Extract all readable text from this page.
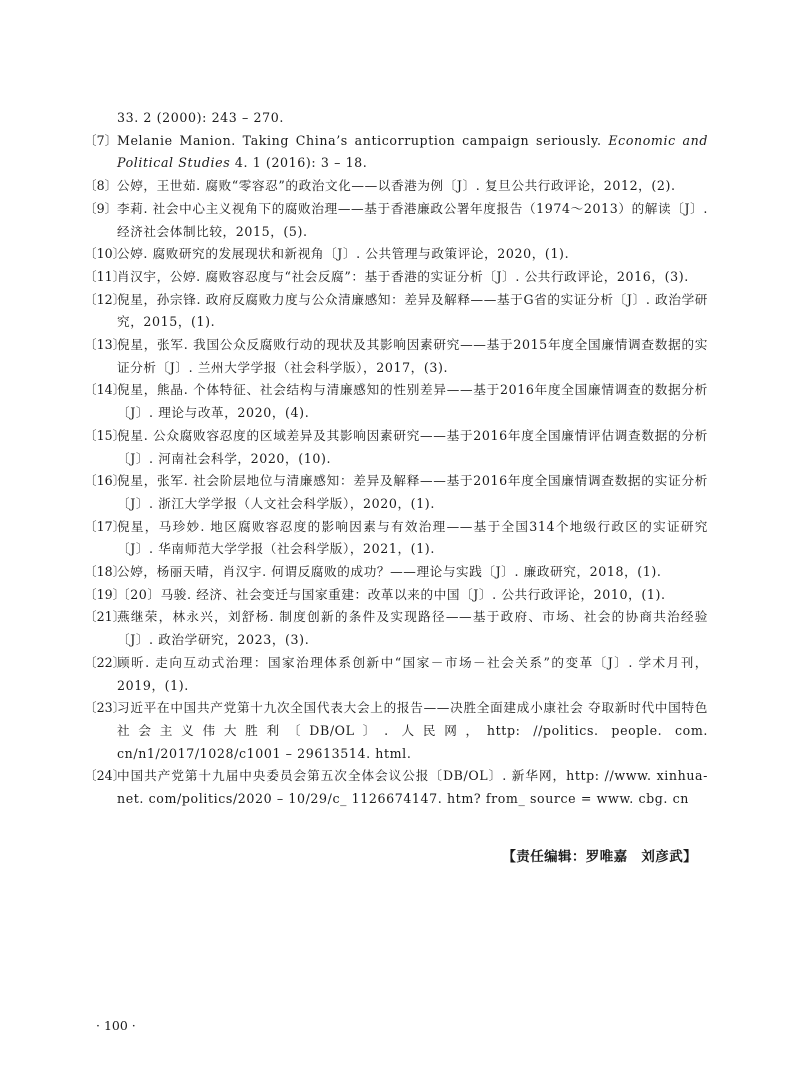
33. 2 (2000): 243 – 270.
〔7〕 Melanie Manion. Taking China’s anticorruption campaign seriously. Economic and Political Studies 4. 1 (2016): 3 – 18.
〔8〕 公婷，王世茹. 腐败“零容忍”的政治文化——以香港为例〔J〕. 复旦公共行政评论，2012，(2).
〔9〕 李莉. 社会中心主义视角下的腐败治理——基于香港廉政公署年度报告（1974～2013）的解读〔J〕. 经济社会体制比较，2015，(5).
〔10〕
公婷. 腐败研究的发展现状和新视角〔J〕. 公共管理与政策评论，2020，(1).
〔11〕
肖汉宇，公婷. 腐败容忍度与“社会反腐”：基于香港的实证分析〔J〕. 公共行政评论，2016，(3).
〔12〕
倪星，孙宗锋. 政府反腐败力度与公众清廉感知：差异及解释——基于G省的实证分析〔J〕. 政治学研究，2015，(1).
〔13〕
倪星，张军. 我国公众反腐败行动的现状及其影响因素研究——基于2015年度全国廉情调查数据的实证分析〔J〕. 兰州大学学报（社会科学版），2017，(3).
〔14〕
倪星，熊晶. 个体特征、社会结构与清廉感知的性别差异——基于2016年度全国廉情调查的数据分析〔J〕. 理论与改革，2020，(4).
〔15〕
倪星. 公众腐败容忍度的区域差异及其影响因素研究——基于2016年度全国廉情评估调查数据的分析〔J〕. 河南社会科学，2020，(10).
〔16〕
倪星，张军. 社会阶层地位与清廉感知：差异及解释——基于2016年度全国廉情调查数据的实证分析〔J〕. 浙江大学学报（人文社会科学版），2020，(1).
〔17〕
倪星，马珍妙. 地区腐败容忍度的影响因素与有效治理——基于全国314个地级行政区的实证研究〔J〕. 华南师范大学学报（社会科学版），2021，(1).
〔18〕
公婷，杨丽天晴，肖汉宇. 何谓反腐败的成功？——理论与实践〔J〕. 廉政研究，2018，(1).
〔19〕
〔20〕马骏. 经济、社会变迁与国家重建：改革以来的中国〔J〕. 公共行政评论，2010，(1).
〔21〕
燕继荣，林永兴，刘舒杨. 制度创新的条件及实现路径——基于政府、市场、社会的协商共治经验〔J〕. 政治学研究，2023，(3).
〔22〕
顾昕. 走向互动式治理：国家治理体系创新中“国家－市场－社会关系”的变革〔J〕. 学术月刊，2019，(1).
〔23〕
习近平在中国共产党第十九次全国代表大会上的报告——决胜全面建成小康社会 夺取新时代中国特色社会主义伟大胜利〔DB/OL〕. 人民网，http: //politics. people. com. cn/n1/2017/1028/c1001 – 29613514. html.
〔24〕
中国共产党第十九届中央委员会第五次全体会议公报〔DB/OL〕. 新华网，http: //www. xinhua-net. com/politics/2020 – 10/29/c_ 1126674147. htm? from_ source = www. cbg. cn
【责任编辑：罗唯嘉　刘彦武】
· 100 ·
